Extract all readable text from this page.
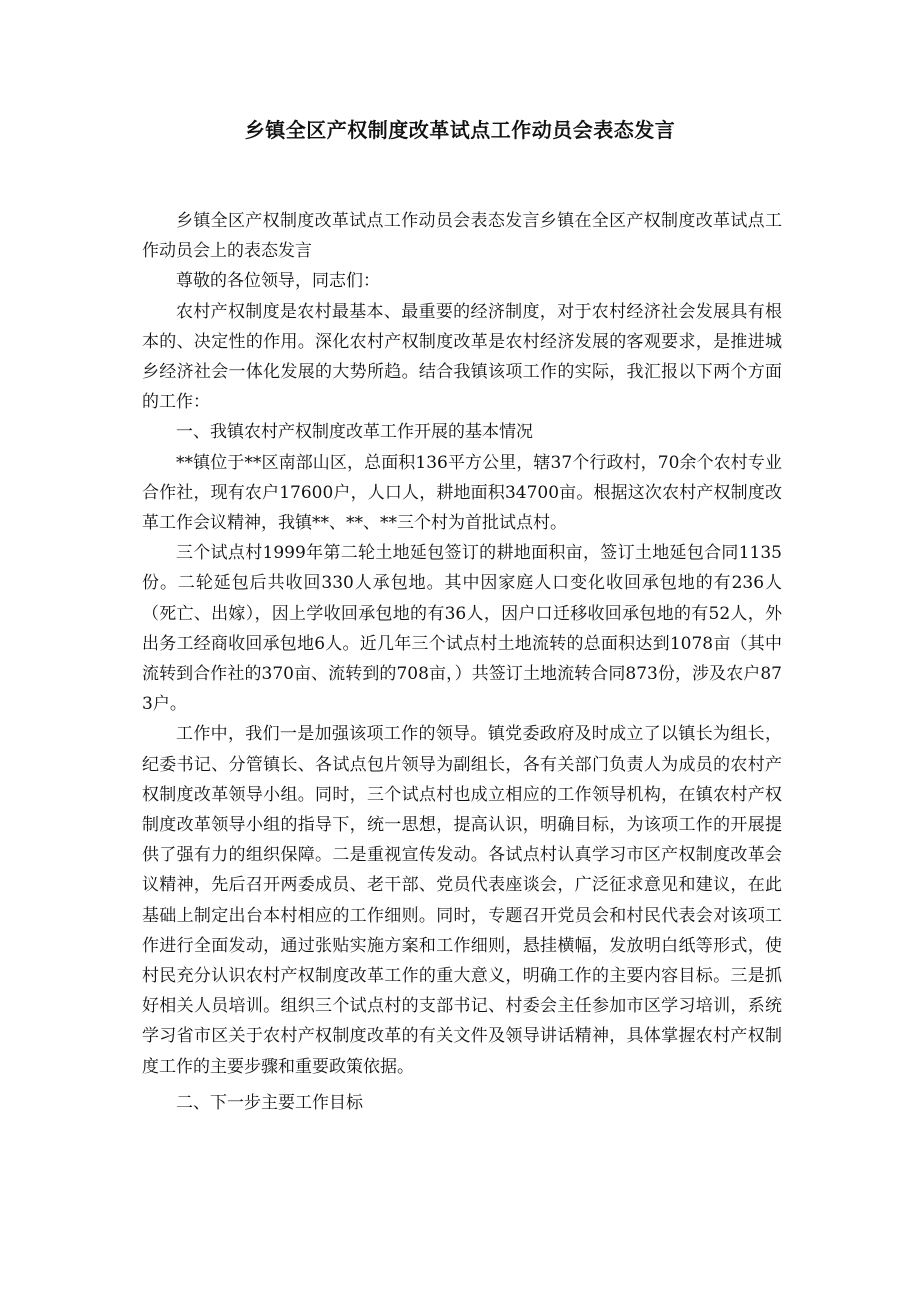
乡镇全区产权制度改革试点工作动员会表态发言

乡镇全区产权制度改革试点工作动员会表态发言乡镇在全区产权制度改革试点工作动员会上的表态发言

尊敬的各位领导，同志们：

农村产权制度是农村最基本、最重要的经济制度，对于农村经济社会发展具有根本的、决定性的作用。深化农村产权制度改革是农村经济发展的客观要求，是推进城乡经济社会一体化发展的大势所趋。结合我镇该项工作的实际，我汇报以下两个方面的工作：

一、我镇农村产权制度改革工作开展的基本情况

**镇位于**区南部山区，总面积136平方公里，辖37个行政村，70余个农村专业合作社，现有农户17600户，人口人，耕地面积34700亩。根据这次农村产权制度改革工作会议精神，我镇**、**、**三个村为首批试点村。

三个试点村1999年第二轮土地延包签订的耕地面积亩，签订土地延包合同1135份。二轮延包后共收回330人承包地。其中因家庭人口变化收回承包地的有236人（死亡、出嫁），因上学收回承包地的有36人，因户口迁移收回承包地的有52人，外出务工经商收回承包地6人。近几年三个试点村土地流转的总面积达到1078亩（其中流转到合作社的370亩、流转到的708亩，）共签订土地流转合同873份，涉及农户873户。

工作中，我们一是加强该项工作的领导。镇党委政府及时成立了以镇长为组长，纪委书记、分管镇长、各试点包片领导为副组长，各有关部门负责人为成员的农村产权制度改革领导小组。同时，三个试点村也成立相应的工作领导机构，在镇农村产权制度改革领导小组的指导下，统一思想，提高认识，明确目标，为该项工作的开展提供了强有力的组织保障。二是重视宣传发动。各试点村认真学习市区产权制度改革会议精神，先后召开两委成员、老干部、党员代表座谈会，广泛征求意见和建议，在此基础上制定出台本村相应的工作细则。同时，专题召开党员会和村民代表会对该项工作进行全面发动，通过张贴实施方案和工作细则，悬挂横幅，发放明白纸等形式，使村民充分认识农村产权制度改革工作的重大意义，明确工作的主要内容目标。三是抓好相关人员培训。组织三个试点村的支部书记、村委会主任参加市区学习培训，系统学习省市区关于农村产权制度改革的有关文件及领导讲话精神，具体掌握农村产权制度工作的主要步骤和重要政策依据。

二、下一步主要工作目标
